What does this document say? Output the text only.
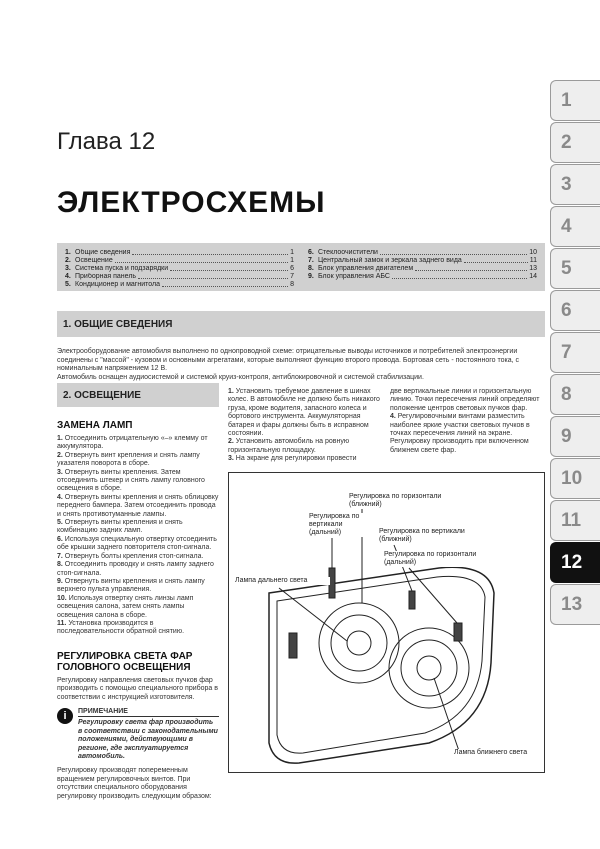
1
2
3
4
5
6
7
8
9
10
11
12
13
Глава 12
ЭЛЕКТРОСХЕМЫ
1. Общие сведения	1
2. Освещение	1
3. Система пуска и подзарядки	6
4. Приборная панель	7
5. Кондиционер и магнитола	8
6. Стеклоочистители	10
7. Центральный замок и зеркала заднего вида	11
8. Блок управления двигателем	13
9. Блок управления АБС	14
1. ОБЩИЕ СВЕДЕНИЯ

Электрооборудование автомобиля выполнено по однопроводной схеме: отрицательные выводы источников и потребителей электроэнергии соединены с "массой" - кузовом и основными агрегатами, которые выполняют функцию второго провода. Бортовая сеть - постоянного тока, с номинальным напряжением 12 В.

Автомобиль оснащен аудиосистемой и системой круиз-контроля, антиблокировочной и системой стабилизации.

2. ОСВЕЩЕНИЕ
ЗАМЕНА ЛАМП

1. Отсоединить отрицательную «–» клемму от аккумулятора.

2. Отвернуть винт крепления и снять лампу указателя поворота в сборе.

3. Отвернуть винты крепления. Затем отсоединить штекер и снять лампу головного освещения в сборе.

4. Отвернуть винты крепления и снять облицовку переднего бампера. Затем отсоединить провода и снять противотуманные лампы.

5. Отвернуть винты крепления и снять комбинацию задних ламп.

6. Используя специальную отвертку отсоединить обе крышки заднего повторителя стоп-сигнала.

7. Отвернуть болты крепления стоп-сигнала.

8. Отсоединить проводку и снять лампу заднего стоп-сигнала.

9. Отвернуть винты крепления и снять лампу верхнего пульта управления.

10. Используя отвертку снять линзы ламп освещения салона, затем снять лампы освещения салона в сборе.

11. Установка производится в последовательности обратной снятию.

РЕГУЛИРОВКА СВЕТА ФАР ГОЛОВНОГО ОСВЕЩЕНИЯ

Регулировку направления световых пучков фар производить с помощью специального прибора в соответствии с инструкцией изготовителя.

i	ПРИМЕЧАНИЕ
Регулировку света фар производить в соответствии с законодательными положениями, действующими в регионе, где эксплуатируется автомобиль.

Регулировку производят попеременным вращением регулировочных винтов. При отсутствии специального оборудования регулировку производить следующим образом:

1. Установить требуемое давление в шинах колес. В автомобиле не должно быть никакого груза, кроме водителя, запасного колеса и бортового инструмента. Аккумуляторная батарея и фары должны быть в исправном состоянии.

2. Установить автомобиль на ровную горизонтальную площадку.

3. На экране для регулировки провести

две вертикальные линии и горизонтальную линию. Точки пересечения линий определяют положение центров световых пучков фар.

4. Регулировочными винтами разместить наиболее яркие участки световых пучков в точках пересечения линий на экране. Регулировку производить при включенном ближнем свете фар.

Регулировка по горизонтали (ближний)
Регулировка по вертикали (дальний)	Регулировка по вертикали (ближний)
Регулировка по горизонтали (дальний)
Лампа дальнего света
Лампа ближнего света
